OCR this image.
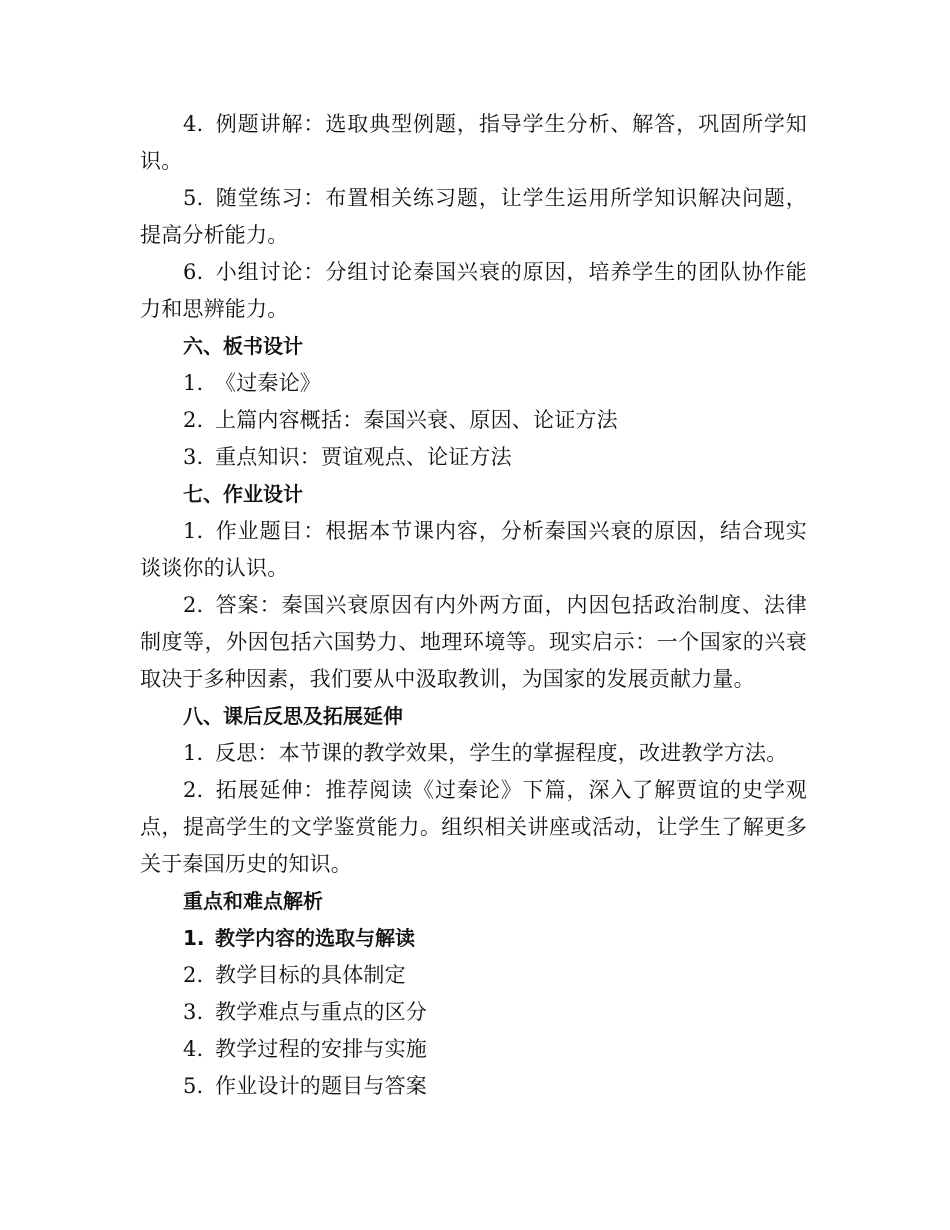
4. 例题讲解：选取典型例题，指导学生分析、解答，巩固所学知识。
5. 随堂练习：布置相关练习题，让学生运用所学知识解决问题，提高分析能力。
6. 小组讨论：分组讨论秦国兴衰的原因，培养学生的团队协作能力和思辨能力。
六、板书设计
1. 《过秦论》
2. 上篇内容概括：秦国兴衰、原因、论证方法
3. 重点知识：贾谊观点、论证方法
七、作业设计
1. 作业题目：根据本节课内容，分析秦国兴衰的原因，结合现实谈谈你的认识。
2. 答案：秦国兴衰原因有内外两方面，内因包括政治制度、法律制度等，外因包括六国势力、地理环境等。现实启示：一个国家的兴衰取决于多种因素，我们要从中汲取教训，为国家的发展贡献力量。
八、课后反思及拓展延伸
1. 反思：本节课的教学效果，学生的掌握程度，改进教学方法。
2. 拓展延伸：推荐阅读《过秦论》下篇，深入了解贾谊的史学观点，提高学生的文学鉴赏能力。组织相关讲座或活动，让学生了解更多关于秦国历史的知识。
重点和难点解析
1. 教学内容的选取与解读
2. 教学目标的具体制定
3. 教学难点与重点的区分
4. 教学过程的安排与实施
5. 作业设计的题目与答案
